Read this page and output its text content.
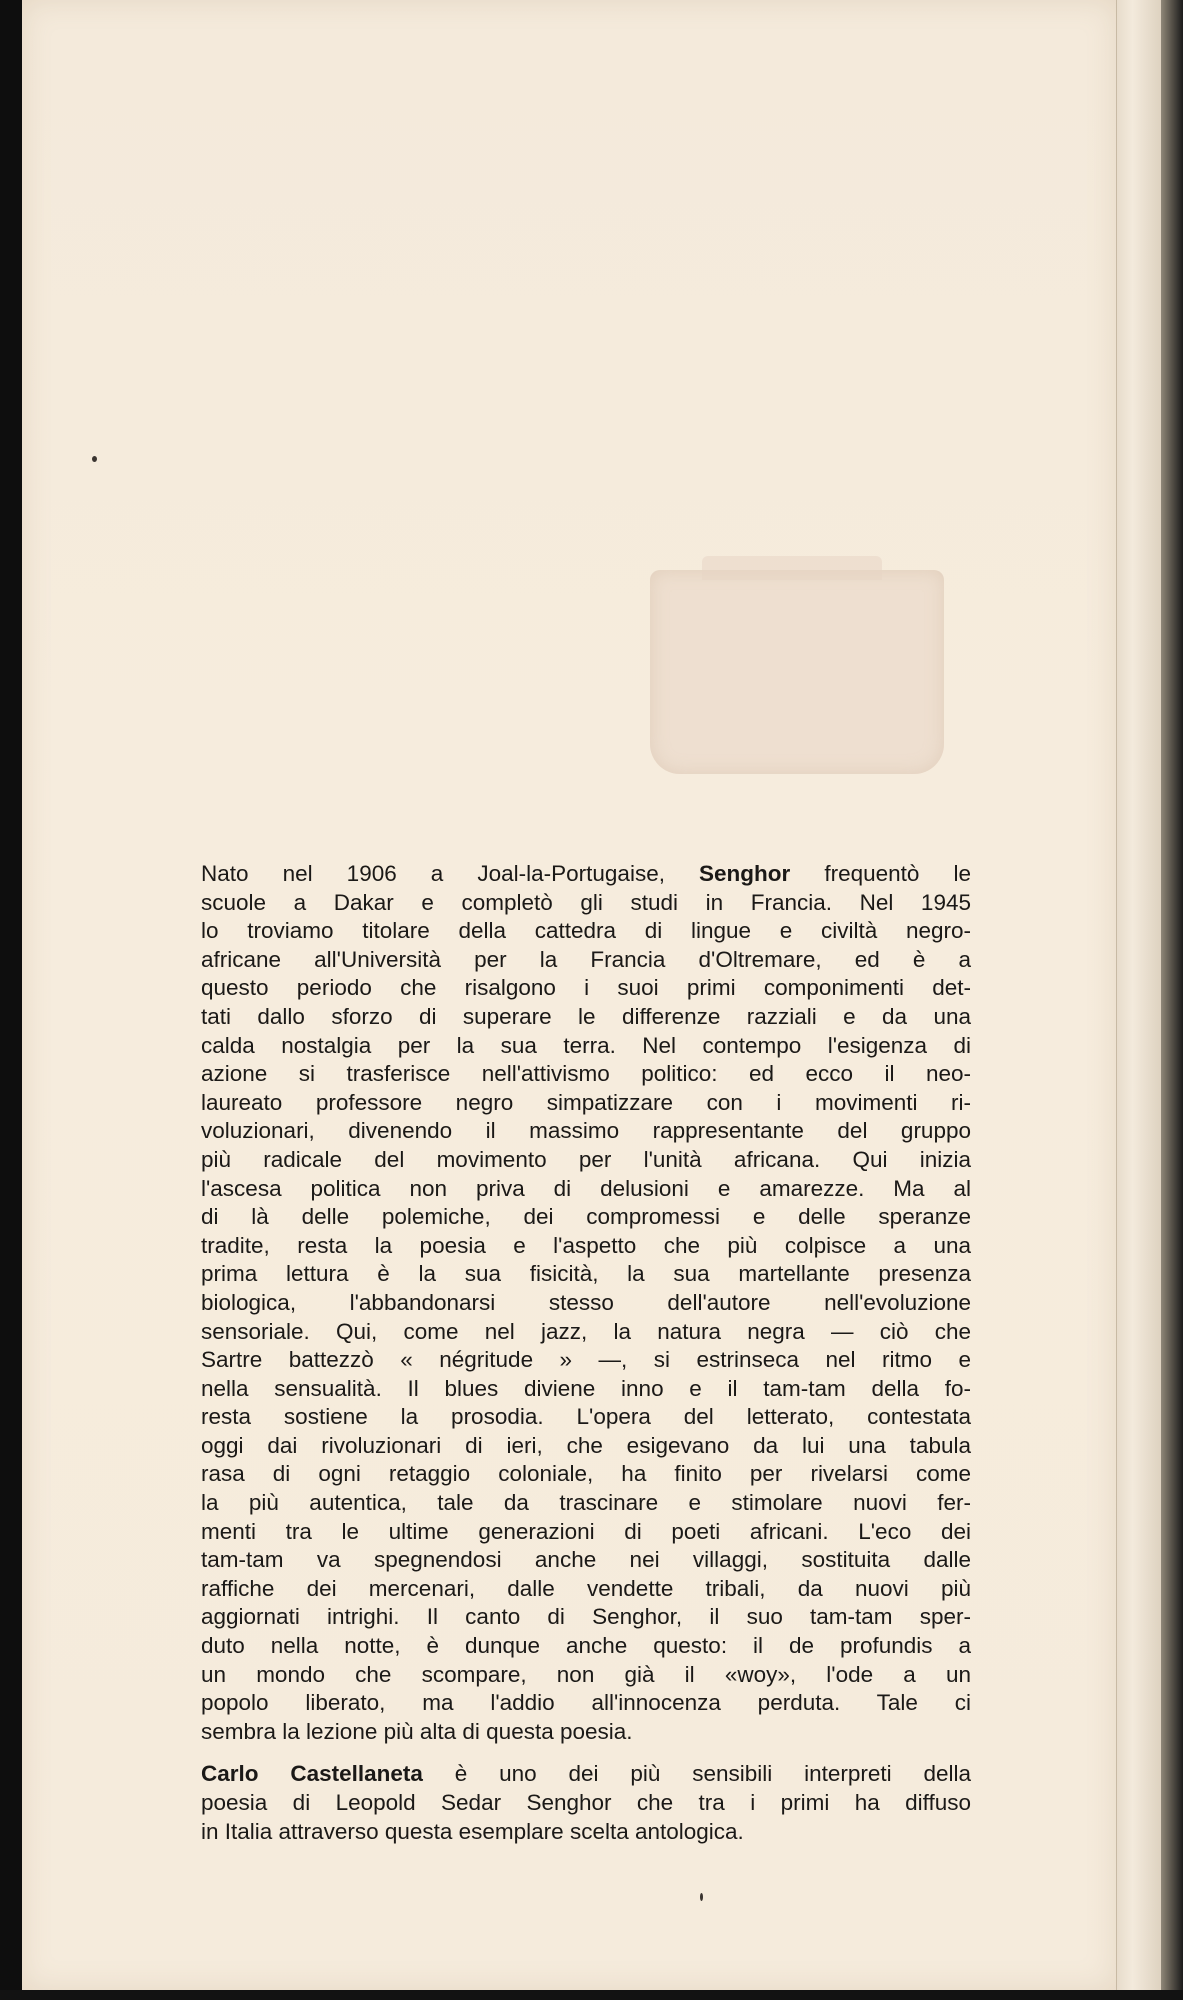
Nato nel 1906 a Joal-la-Portugaise, Senghor frequentò le

scuole a Dakar e completò gli studi in Francia. Nel 1945

lo troviamo titolare della cattedra di lingue e civiltà negro-

africane all'Università per la Francia d'Oltremare, ed è a

questo periodo che risalgono i suoi primi componimenti det-

tati dallo sforzo di superare le differenze razziali e da una

calda nostalgia per la sua terra. Nel contempo l'esigenza di

azione si trasferisce nell'attivismo politico: ed ecco il neo-

laureato professore negro simpatizzare con i movimenti ri-

voluzionari, divenendo il massimo rappresentante del gruppo

più radicale del movimento per l'unità africana. Qui inizia

l'ascesa politica non priva di delusioni e amarezze. Ma al

di là delle polemiche, dei compromessi e delle speranze

tradite, resta la poesia e l'aspetto che più colpisce a una

prima lettura è la sua fisicità, la sua martellante presenza

biologica, l'abbandonarsi stesso dell'autore nell'evoluzione

sensoriale. Qui, come nel jazz, la natura negra — ciò che

Sartre battezzò « négritude » —, si estrinseca nel ritmo e

nella sensualità. Il blues diviene inno e il tam-tam della fo-

resta sostiene la prosodia. L'opera del letterato, contestata

oggi dai rivoluzionari di ieri, che esigevano da lui una tabula

rasa di ogni retaggio coloniale, ha finito per rivelarsi come

la più autentica, tale da trascinare e stimolare nuovi fer-

menti tra le ultime generazioni di poeti africani. L'eco dei

tam-tam va spegnendosi anche nei villaggi, sostituita dalle

raffiche dei mercenari, dalle vendette tribali, da nuovi più

aggiornati intrighi. Il canto di Senghor, il suo tam-tam sper-

duto nella notte, è dunque anche questo: il de profundis a

un mondo che scompare, non già il «woy», l'ode a un

popolo liberato, ma l'addio all'innocenza perduta. Tale ci

sembra la lezione più alta di questa poesia.

Carlo Castellaneta è uno dei più sensibili interpreti della

poesia di Leopold Sedar Senghor che tra i primi ha diffuso

in Italia attraverso questa esemplare scelta antologica.
